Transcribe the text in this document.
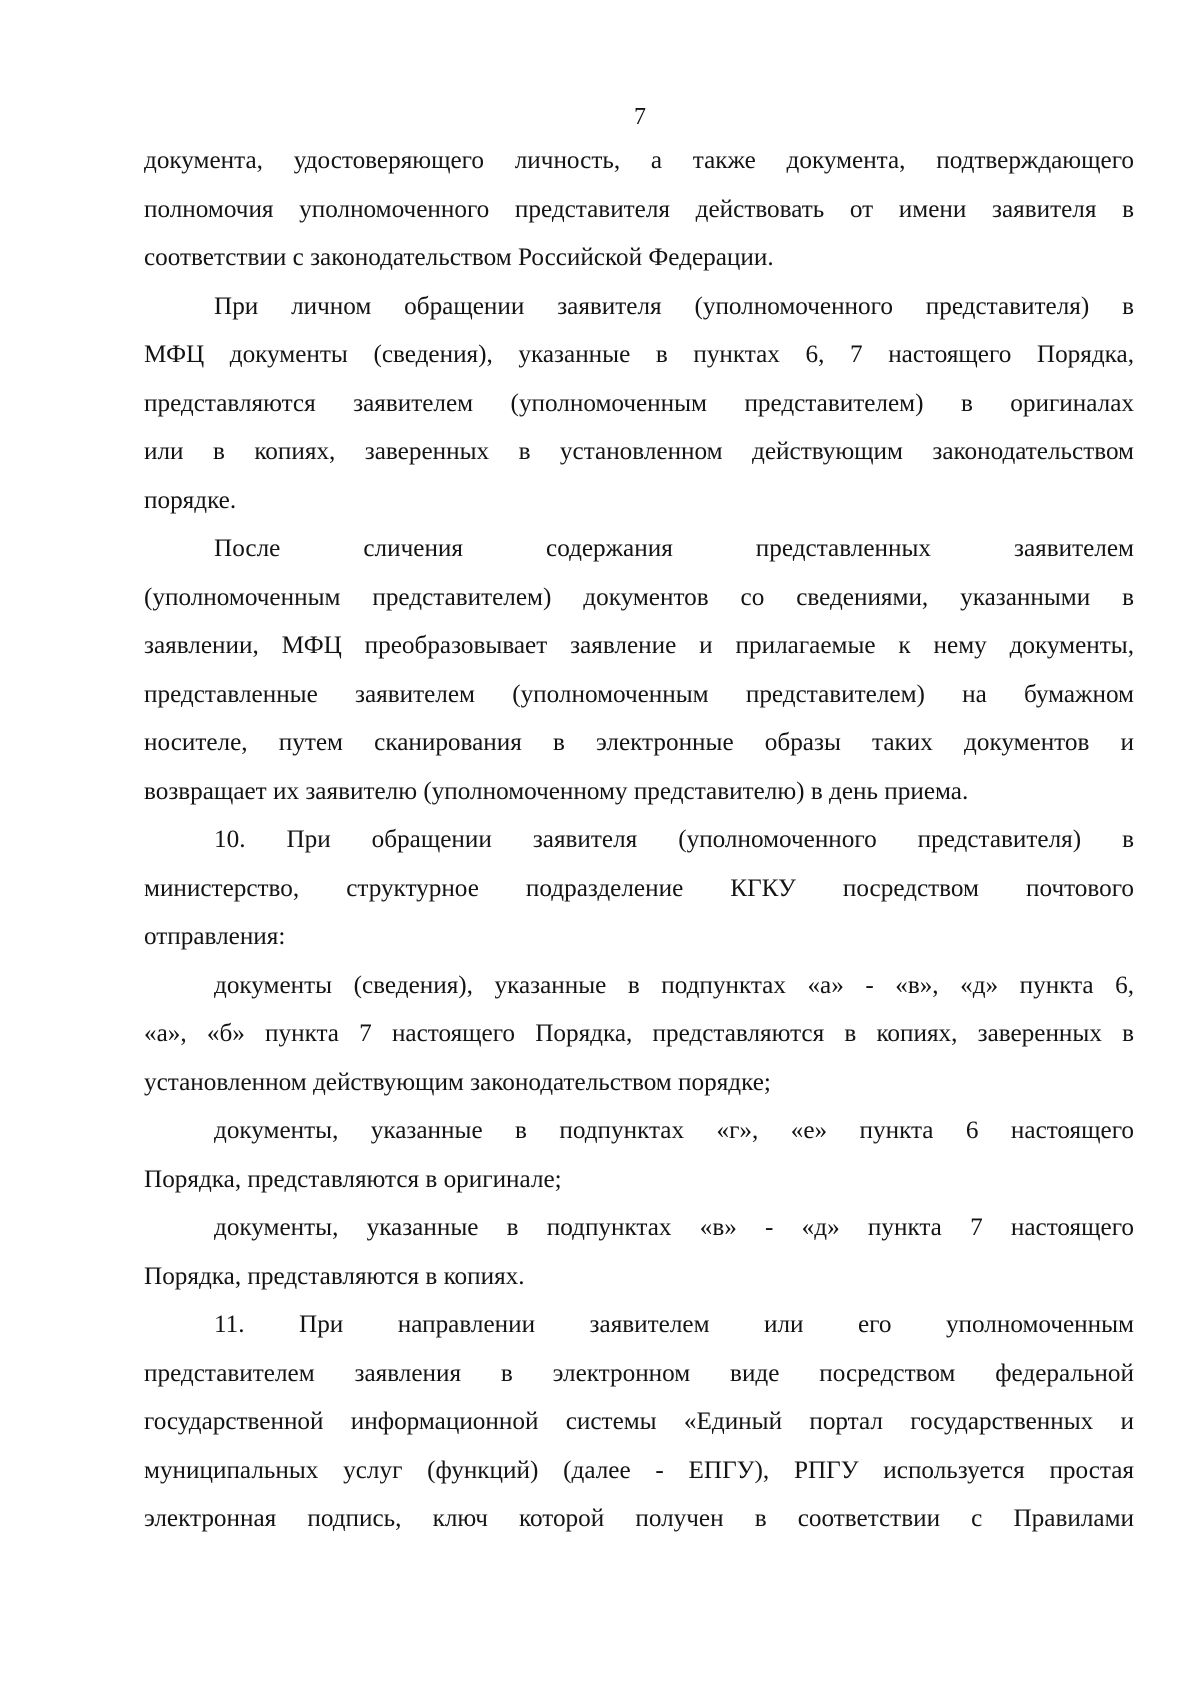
7
документа, удостоверяющего личность, а также документа, подтверждающего
полномочия уполномоченного представителя действовать от имени заявителя в
соответствии с законодательством Российской Федерации.
При личном обращении заявителя (уполномоченного представителя) в
МФЦ документы (сведения), указанные в пунктах 6, 7 настоящего Порядка,
представляются заявителем (уполномоченным представителем) в оригиналах
или в копиях, заверенных в установленном действующим законодательством
порядке.
После сличения содержания представленных заявителем
(уполномоченным представителем) документов со сведениями, указанными в
заявлении, МФЦ преобразовывает заявление и прилагаемые к нему документы,
представленные заявителем (уполномоченным представителем) на бумажном
носителе, путем сканирования в электронные образы таких документов и
возвращает их заявителю (уполномоченному представителю) в день приема.
10. При обращении заявителя (уполномоченного представителя) в
министерство, структурное подразделение КГКУ посредством почтового
отправления:
документы (сведения), указанные в подпунктах «а» - «в», «д» пункта 6,
«а», «б» пункта 7 настоящего Порядка, представляются в копиях, заверенных в
установленном действующим законодательством порядке;
документы, указанные в подпунктах «г», «е» пункта 6 настоящего
Порядка, представляются в оригинале;
документы, указанные в подпунктах «в» - «д» пункта 7 настоящего
Порядка, представляются в копиях.
11. При направлении заявителем или его уполномоченным
представителем заявления в электронном виде посредством федеральной
государственной информационной системы «Единый портал государственных и
муниципальных услуг (функций) (далее - ЕПГУ), РПГУ используется простая
электронная подпись, ключ которой получен в соответствии с Правилами
